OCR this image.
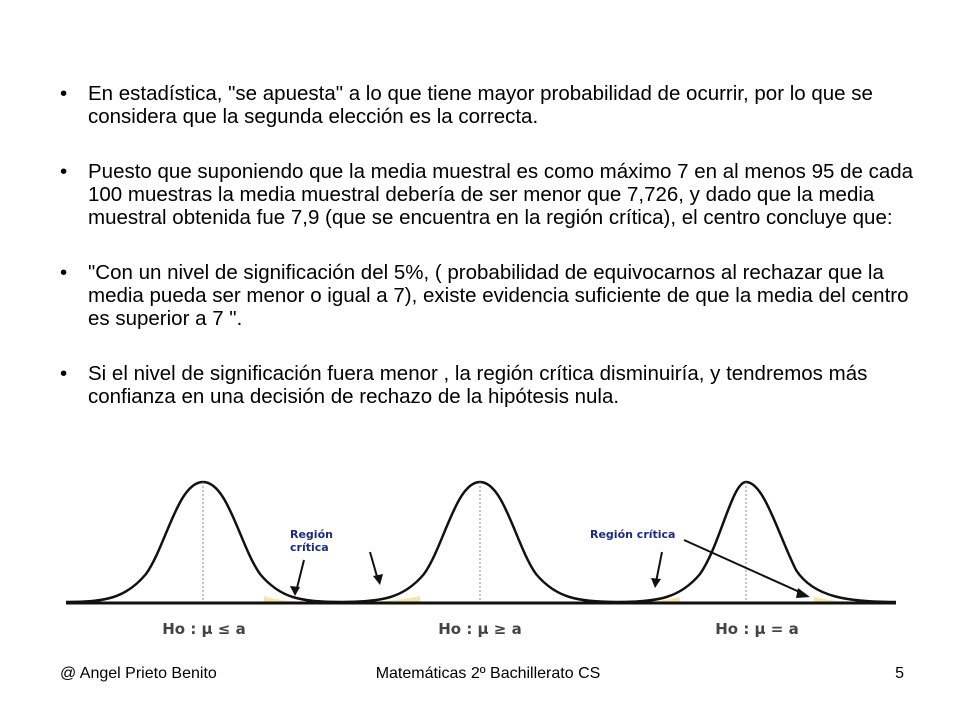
• En estadística, "se apuesta" a lo que tiene mayor probabilidad de ocurrir, por lo que se considera que la segunda elección es la correcta.
• Puesto que suponiendo que la media muestral es como máximo 7 en al menos 95 de cada 100 muestras la media muestral debería de ser menor que 7,726, y dado que la media muestral obtenida fue 7,9 (que se encuentra en la región crítica), el centro concluye que:
• "Con un nivel de significación del 5%, ( probabilidad de equivocarnos al rechazar que la media pueda ser menor o igual a 7), existe evidencia suficiente de que la media del centro es superior a 7 ".
• Si el nivel de significación fuera menor , la región crítica disminuiría, y tendremos más confianza en una decisión de rechazo de la hipótesis nula.
Región crítica
Ho : μ ≤ a	Ho : μ ≥ a
Región crítica
Ho : μ = a
@ Angel Prieto Benito	Matemáticas 2º Bachillerato CS	5
